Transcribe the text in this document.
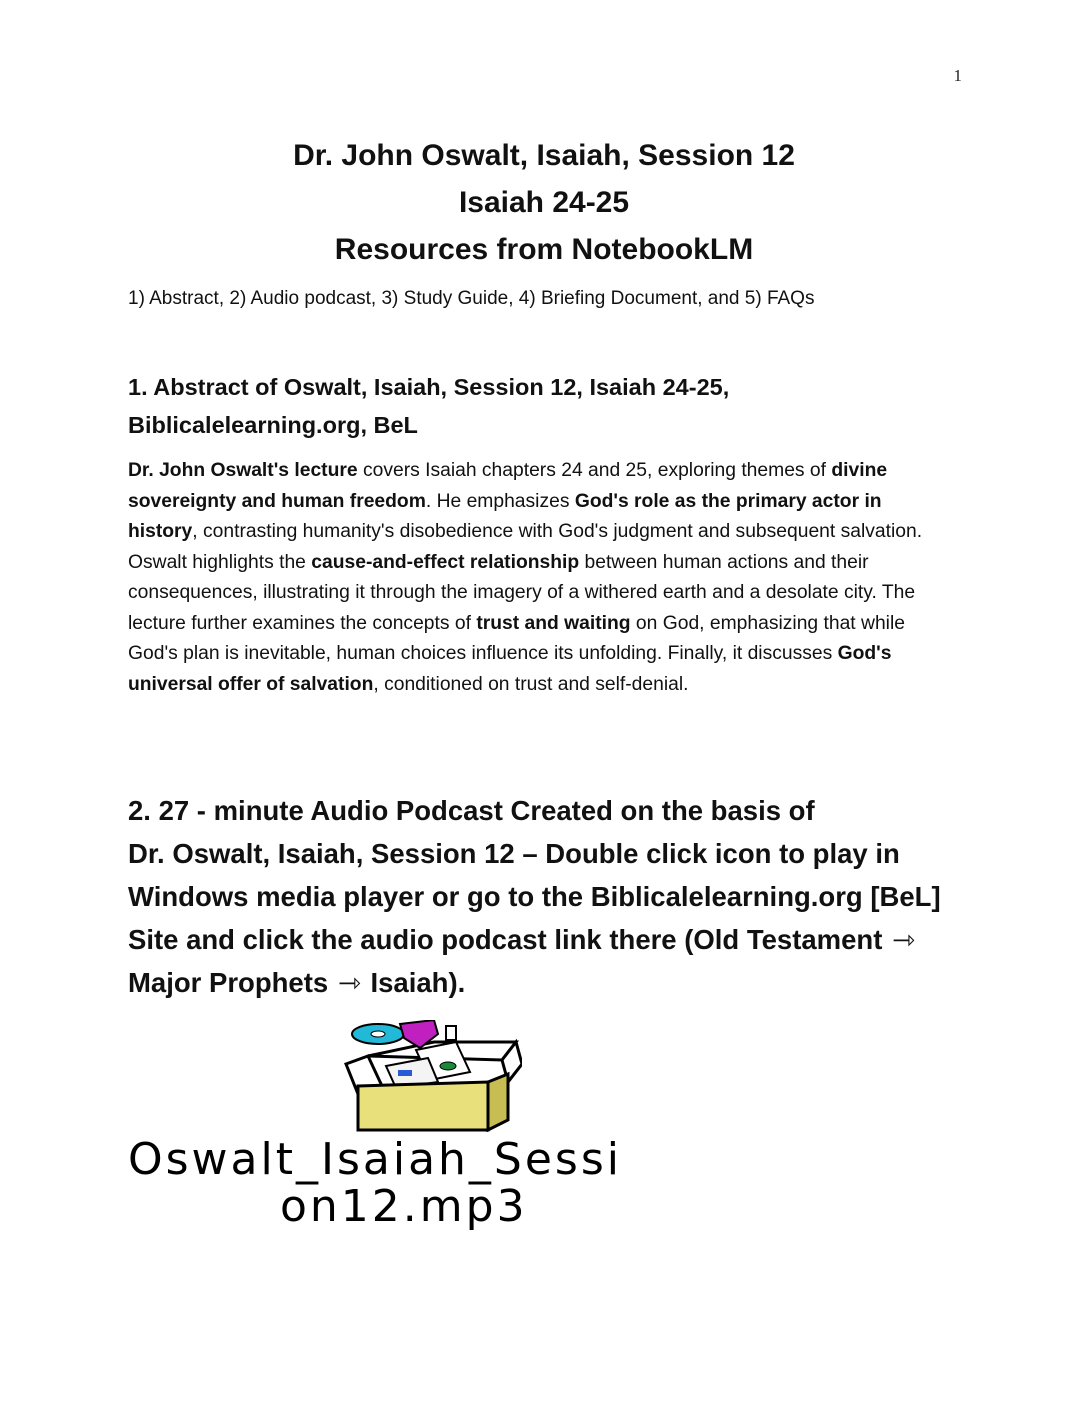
1
Dr. John Oswalt, Isaiah, Session 12
Isaiah 24-25
Resources from NotebookLM
1) Abstract, 2) Audio podcast, 3) Study Guide, 4) Briefing Document, and 5) FAQs
1. Abstract of Oswalt, Isaiah, Session 12, Isaiah 24-25,
Biblicalelearning.org, BeL
Dr. John Oswalt's lecture covers Isaiah chapters 24 and 25, exploring themes of divine sovereignty and human freedom. He emphasizes God's role as the primary actor in history, contrasting humanity's disobedience with God's judgment and subsequent salvation. Oswalt highlights the cause-and-effect relationship between human actions and their consequences, illustrating it through the imagery of a withered earth and a desolate city. The lecture further examines the concepts of trust and waiting on God, emphasizing that while God's plan is inevitable, human choices influence its unfolding. Finally, it discusses God's universal offer of salvation, conditioned on trust and self-denial.
2. 27 - minute Audio Podcast Created on the basis of
Dr. Oswalt, Isaiah, Session 12 – Double click icon to play in
Windows media player or go to the Biblicalelearning.org [BeL]
Site and click the audio podcast link there (Old Testament ⇾
Major Prophets ⇾ Isaiah).
Oswalt_Isaiah_Sessi
on12.mp3
